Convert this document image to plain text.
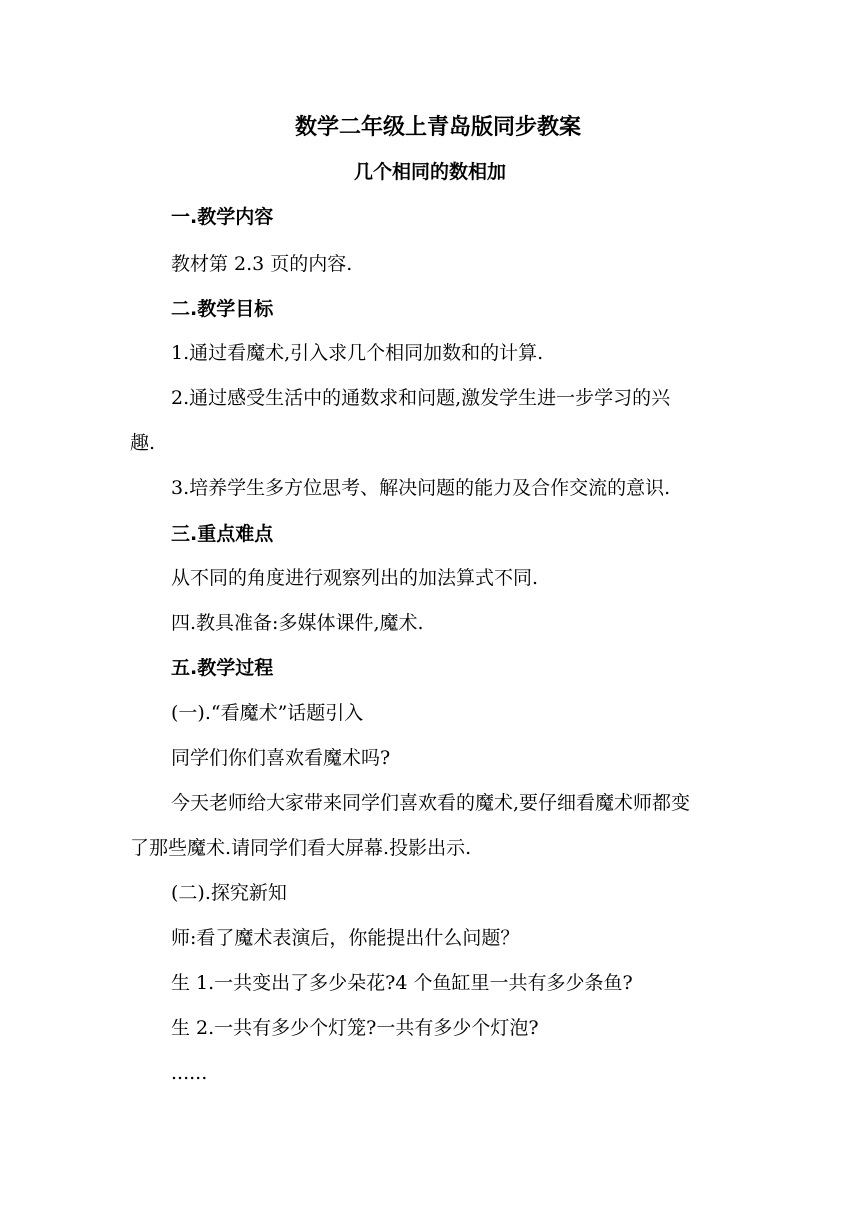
数学二年级上青岛版同步教案
几个相同的数相加
一.教学内容
教材第 2.3 页的内容.
二.教学目标
1.通过看魔术,引入求几个相同加数和的计算.
2.通过感受生活中的通数求和问题,激发学生进一步学习的兴
趣.
3.培养学生多方位思考、解决问题的能力及合作交流的意识.
三.重点难点
从不同的角度进行观察列出的加法算式不同.
四.教具准备:多媒体课件,魔术.
五.教学过程
(一).“看魔术”话题引入
同学们你们喜欢看魔术吗?
今天老师给大家带来同学们喜欢看的魔术,要仔细看魔术师都变
了那些魔术.请同学们看大屏幕.投影出示.
(二).探究新知
师:看了魔术表演后，你能提出什么问题？
生 1.一共变出了多少朵花?4 个鱼缸里一共有多少条鱼?
生 2.一共有多少个灯笼?一共有多少个灯泡?
......
